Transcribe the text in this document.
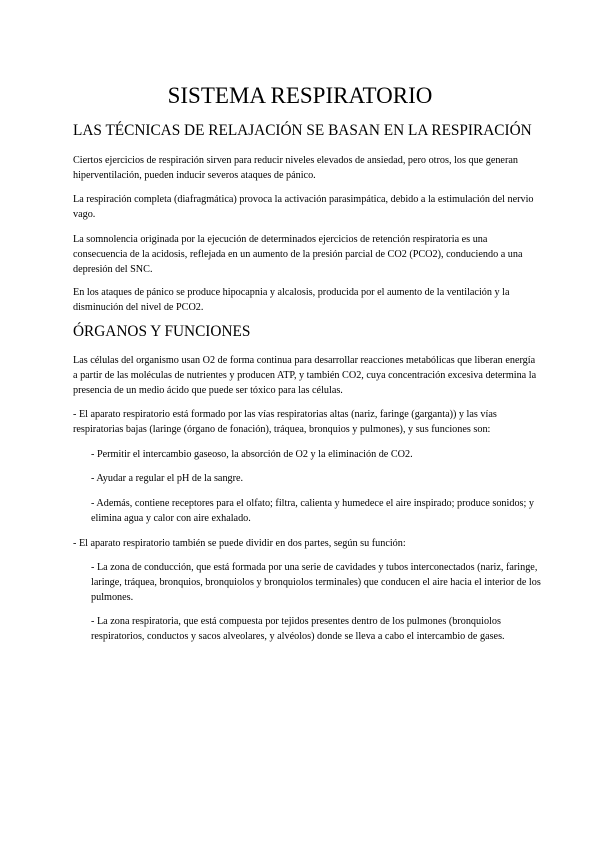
SISTEMA RESPIRATORIO
LAS TÉCNICAS DE RELAJACIÓN SE BASAN EN LA RESPIRACIÓN

Ciertos ejercicios de respiración sirven para reducir niveles elevados de ansiedad, pero otros, los que generan hiperventilación, pueden inducir severos ataques de pánico.

La respiración completa (diafragmática) provoca la activación parasimpática, debido a la estimulación del nervio vago.

La somnolencia originada por la ejecución de determinados ejercicios de retención respiratoria es una consecuencia de la acidosis, reflejada en un aumento de la presión parcial de CO2 (PCO2), conduciendo a una depresión del SNC.

En los ataques de pánico se produce hipocapnia y alcalosis, producida por el aumento de la ventilación y la disminución del nivel de PCO2.

ÓRGANOS Y FUNCIONES

Las células del organismo usan O2 de forma continua para desarrollar reacciones metabólicas que liberan energía a partir de las moléculas de nutrientes y producen ATP, y también CO2, cuya concentración excesiva determina la presencia de un medio ácido que puede ser tóxico para las células.

- El aparato respiratorio está formado por las vías respiratorias altas (nariz, faringe (garganta)) y las vías respiratorias bajas (laringe (órgano de fonación), tráquea, bronquios y pulmones), y sus funciones son:

- Permitir el intercambio gaseoso, la absorción de O2 y la eliminación de CO2.

- Ayudar a regular el pH de la sangre.

- Además, contiene receptores para el olfato; filtra, calienta y humedece el aire inspirado; produce sonidos; y elimina agua y calor con aire exhalado.

- El aparato respiratorio también se puede dividir en dos partes, según su función:

- La zona de conducción, que está formada por una serie de cavidades y tubos interconectados (nariz, faringe, laringe, tráquea, bronquios, bronquiolos y bronquiolos terminales) que conducen el aire hacia el interior de los pulmones.

- La zona respiratoria, que está compuesta por tejidos presentes dentro de los pulmones (bronquiolos respiratorios, conductos y sacos alveolares, y alvéolos) donde se lleva a cabo el intercambio de gases.
